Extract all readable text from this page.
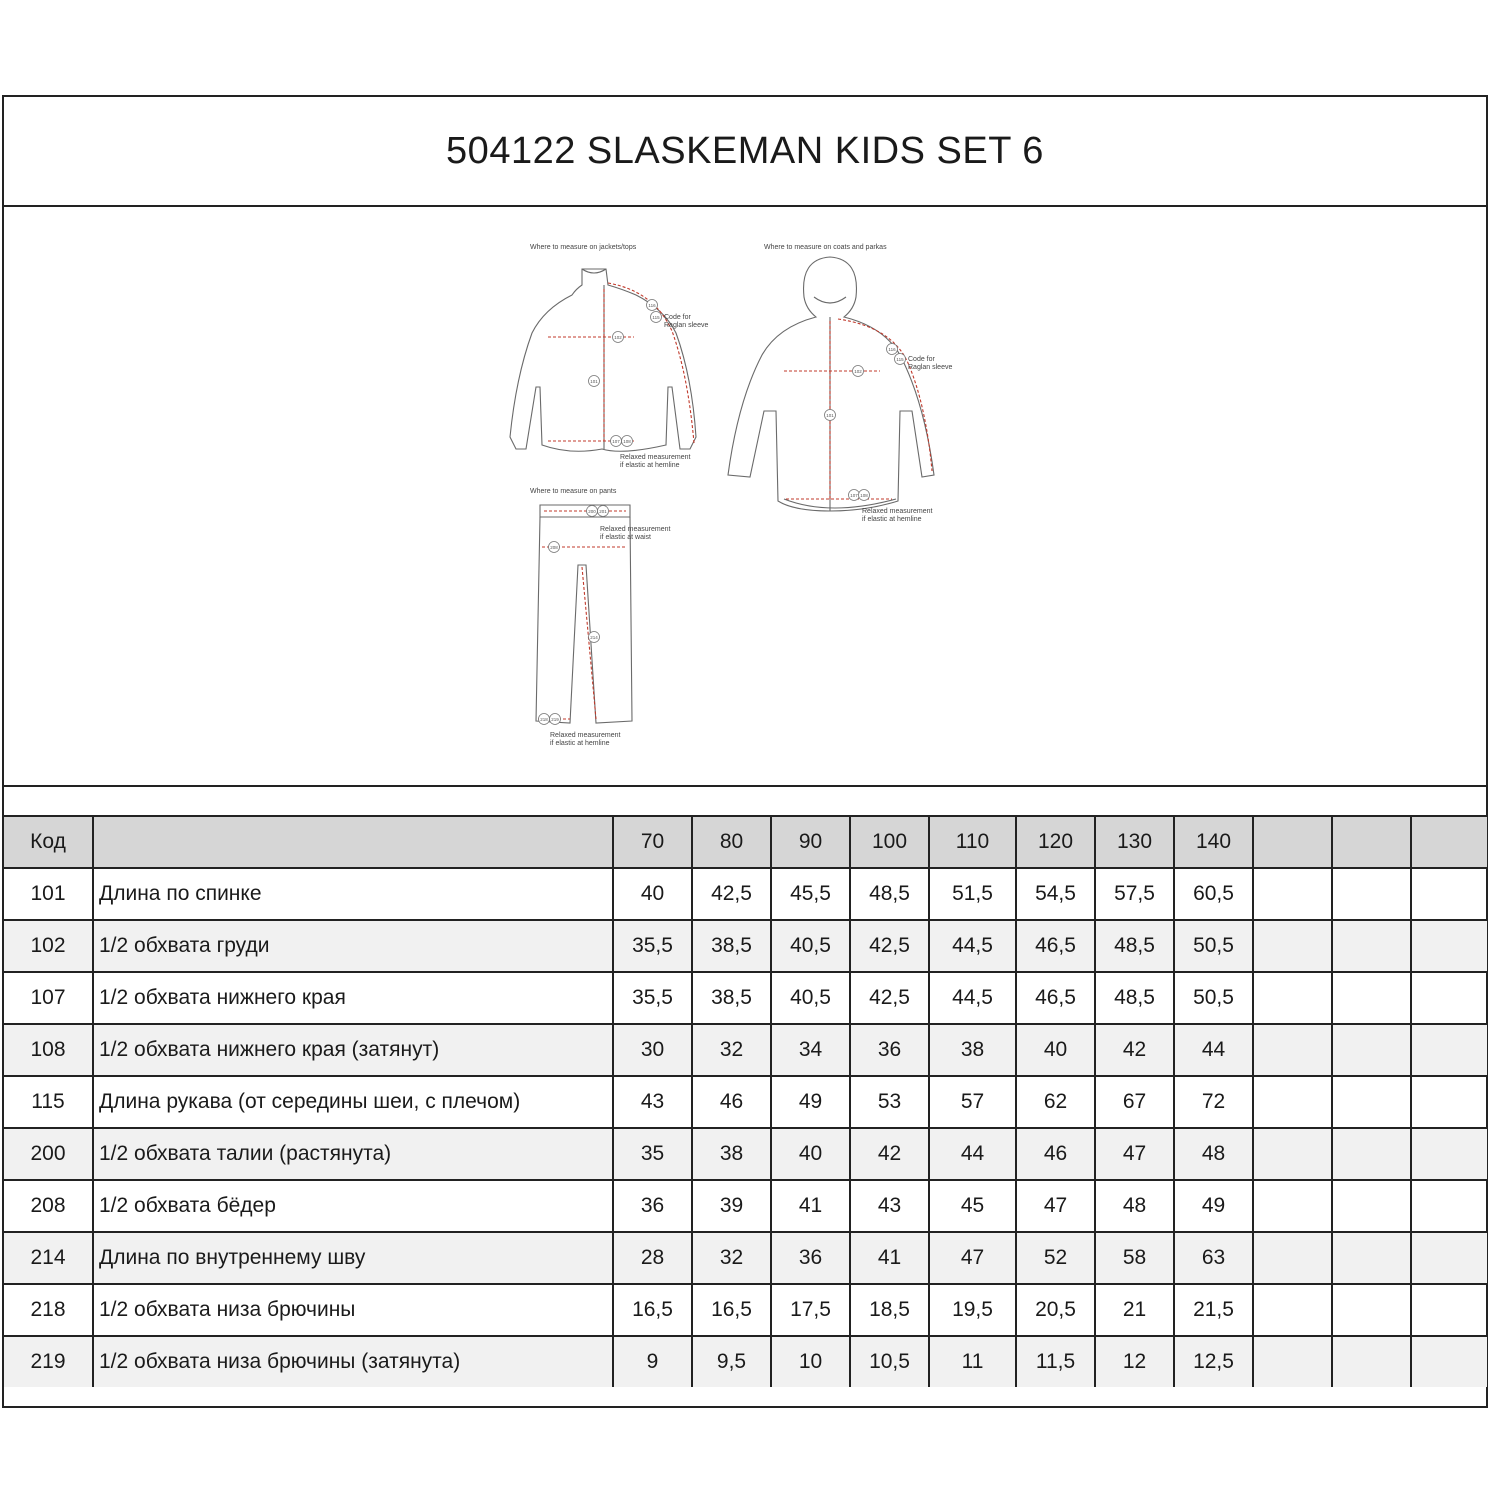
504122 SLASKEMAN KIDS SET 6
Where to measure on jackets/tops
102
101
107 108
116
115 Code for
Raglan sleeve
Relaxed measurement
if elastic at hemline
Where to measure on coats and parkas
102
101
107 108
116
115 Code for
Raglan sleeve
Relaxed measurement
if elastic at hemline
Where to measure on pants
200 201
208
214
218 219
Relaxed measurement
if elastic at waist
Relaxed measurement
if elastic at hemline
Код		70	80	90	100	110	120	130	140			
101	Длина по спинке	40	42,5	45,5	48,5	51,5	54,5	57,5	60,5			
102	1/2 обхвата груди	35,5	38,5	40,5	42,5	44,5	46,5	48,5	50,5			
107	1/2 обхвата нижнего края	35,5	38,5	40,5	42,5	44,5	46,5	48,5	50,5			
108	1/2 обхвата нижнего края (затянут)	30	32	34	36	38	40	42	44			
115	Длина рукава (от середины шеи, с плечом)	43	46	49	53	57	62	67	72			
200	1/2 обхвата талии (растянута)	35	38	40	42	44	46	47	48			
208	1/2 обхвата бёдер	36	39	41	43	45	47	48	49			
214	Длина по внутреннему шву	28	32	36	41	47	52	58	63			
218	1/2 обхвата низа брючины	16,5	16,5	17,5	18,5	19,5	20,5	21	21,5			
219	1/2 обхвата низа брючины (затянута)	9	9,5	10	10,5	11	11,5	12	12,5			
